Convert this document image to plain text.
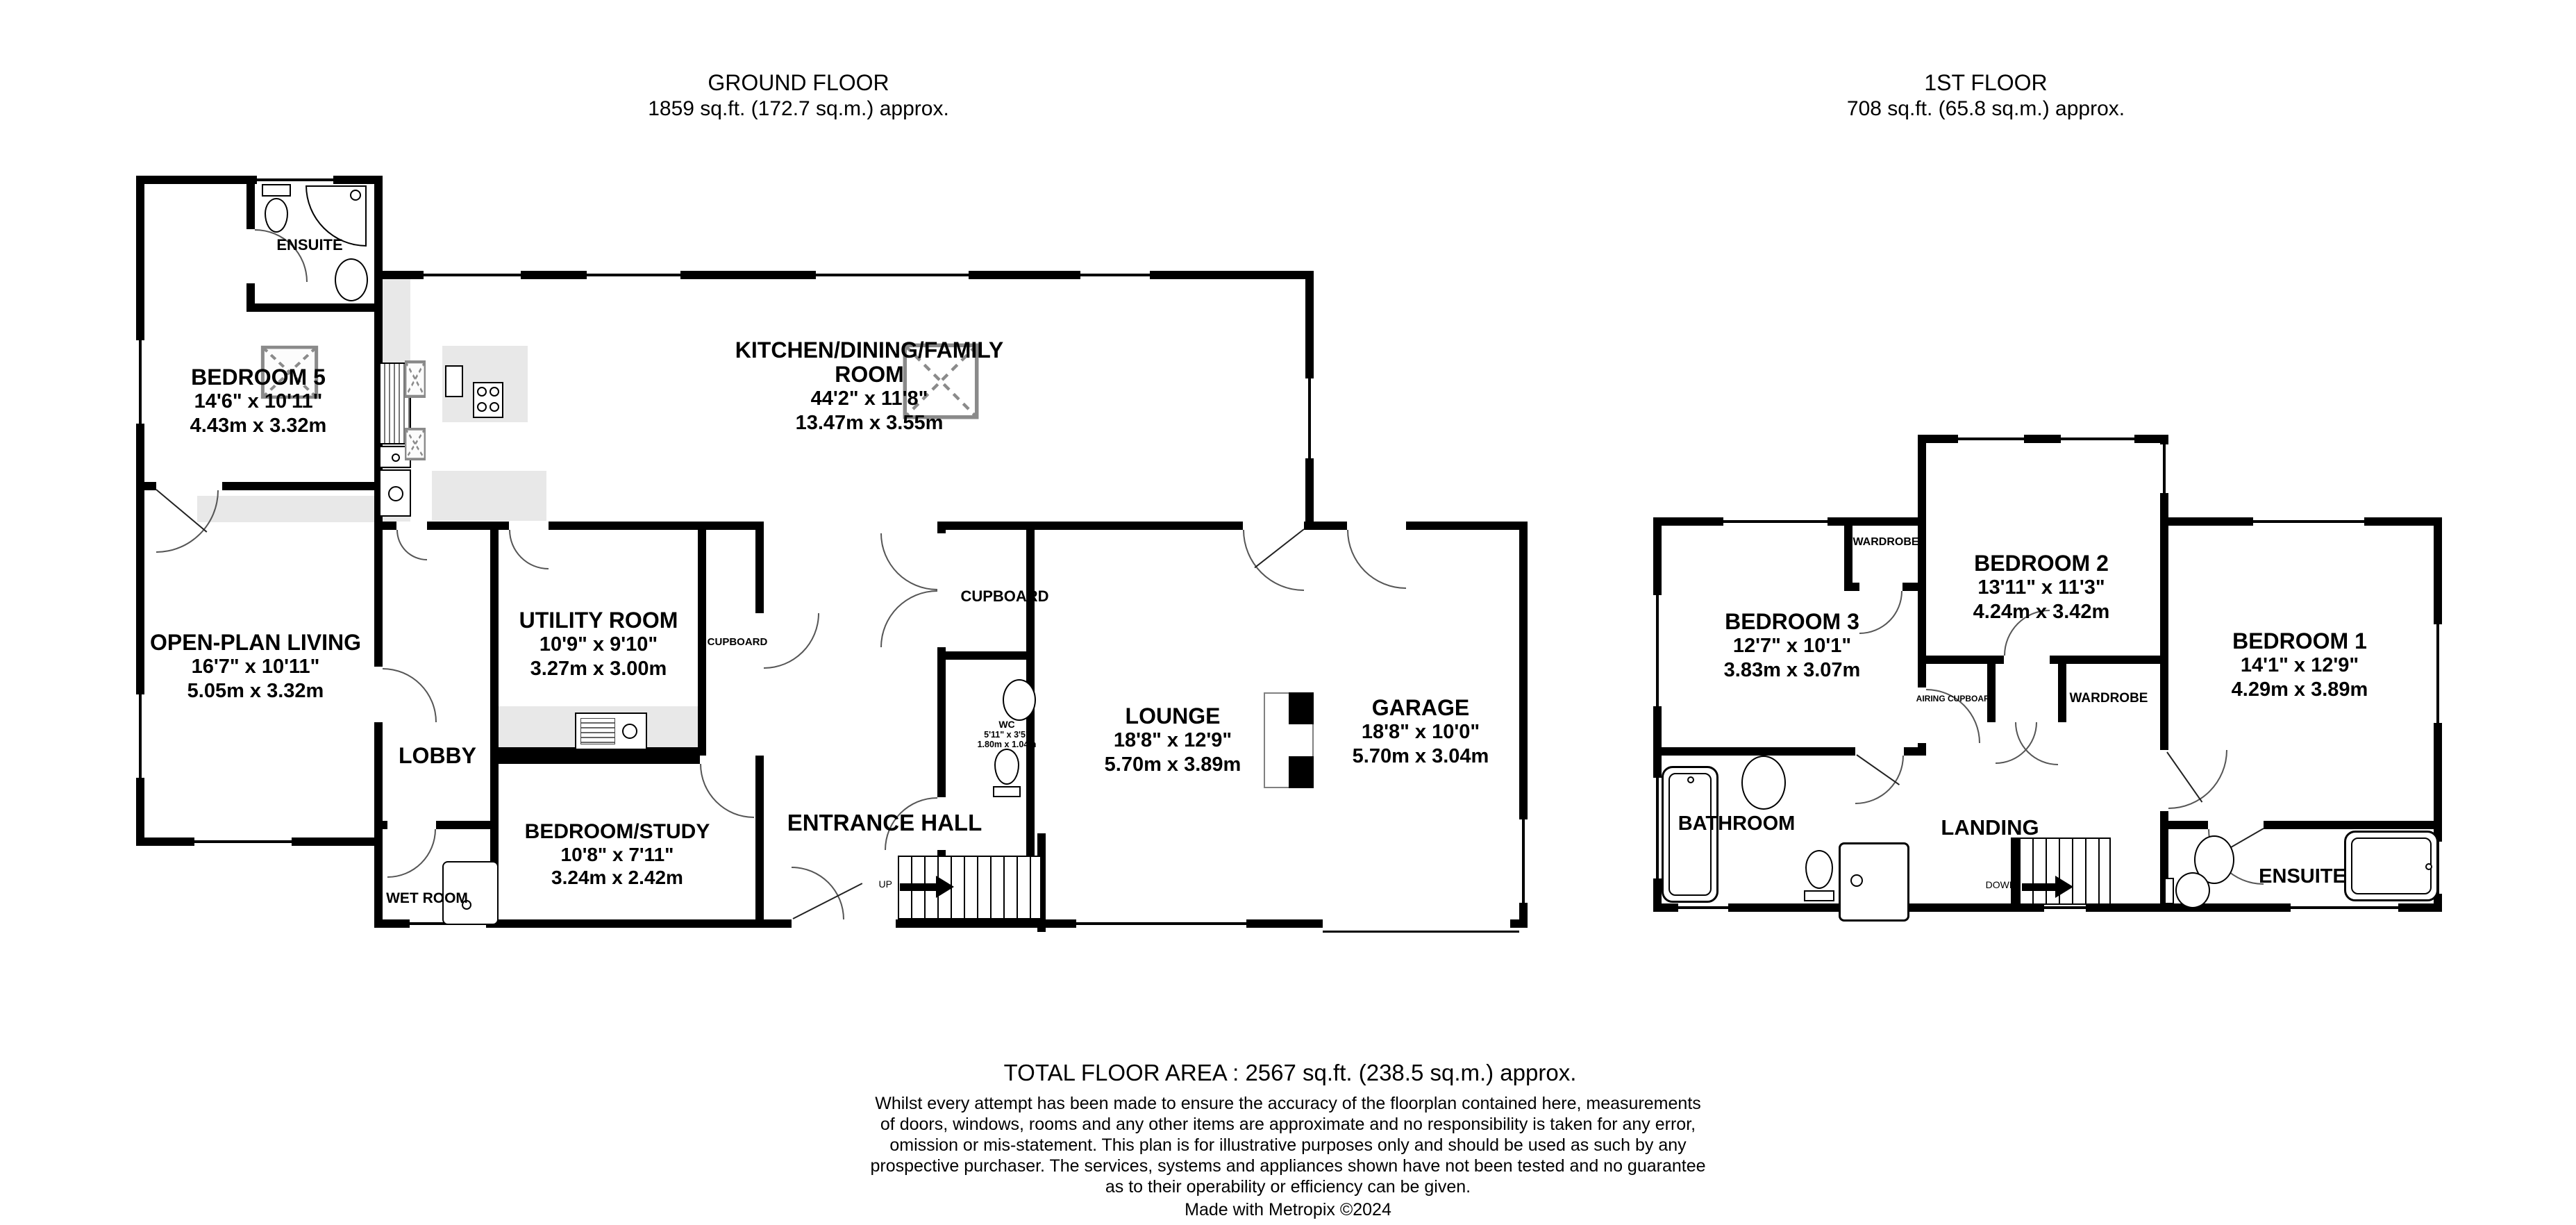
GROUND FLOOR
1859 sq.ft. (172.7 sq.m.) approx.
ENSUITE
BEDROOM 5
14'6" x 10'11"
4.43m x 3.32m
KITCHEN/DINING/FAMILY ROOM
44'2" x 11'8"
13.47m x 3.55m
OPEN-PLAN LIVING
16'7" x 10'11"
5.05m x 3.32m
UTILITY ROOM
10'9" x 9'10"
3.27m x 3.00m
CUPBOARD
LOBBY
BEDROOM/STUDY
10'8" x 7'11"
3.24m x 2.42m
WET ROOM
ENTRANCE HALL
UP
CUPBOARD
WC
5'11" x 3'5"
1.80m x 1.04m
LOUNGE
18'8" x 12'9"
5.70m x 3.89m
GARAGE
18'8" x 10'0"
5.70m x 3.04m
1ST FLOOR
708 sq.ft. (65.8 sq.m.) approx.
BEDROOM 3
12'7" x 10'1"
3.83m x 3.07m
WARDROBE
BEDROOM 2
13'11" x 11'3"
4.24m x 3.42m
AIRING CUPBOARD	WARDROBE
BEDROOM 1
14'1" x 12'9"
4.29m x 3.89m
BATHROOM	LANDING
DOWN	ENSUITE
TOTAL FLOOR AREA : 2567 sq.ft. (238.5 sq.m.) approx.
Whilst every attempt has been made to ensure the accuracy of the floorplan contained here, measurements
of doors, windows, rooms and any other items are approximate and no responsibility is taken for any error,
omission or mis-statement. This plan is for illustrative purposes only and should be used as such by any
prospective purchaser. The services, systems and appliances shown have not been tested and no guarantee
as to their operability or efficiency can be given.
Made with Metropix ©2024
